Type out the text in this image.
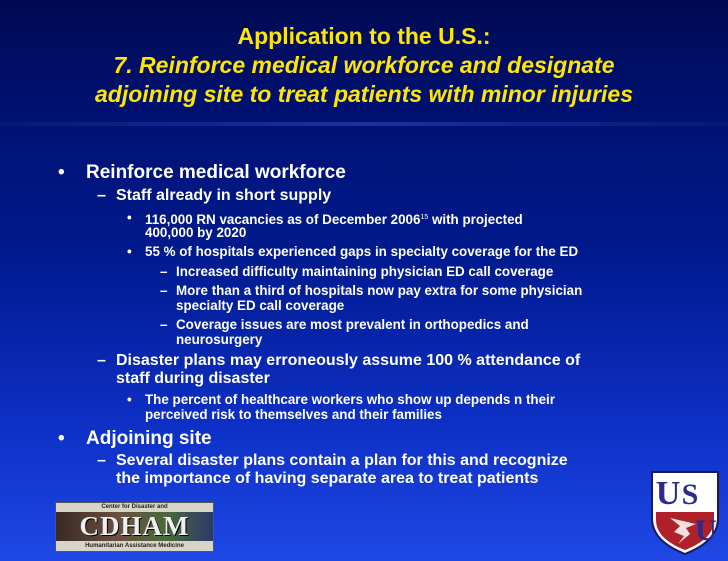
Application to the U.S.:
7. Reinforce medical workforce and designate
adjoining site to treat patients with minor injuries
• Reinforce medical workforce
– Staff already in short supply
• 116,000 RN vacancies as of December 2006$^{15}$ with projected
400,000 by 2020
• 55 % of hospitals experienced gaps in specialty coverage for the ED
– Increased difficulty maintaining physician ED call coverage
– More than a third of hospitals now pay extra for some physician
specialty ED call coverage
– Coverage issues are most prevalent in orthopedics and
neurosurgery
– Disaster plans may erroneously assume 100 % attendance of
staff during disaster
• The percent of healthcare workers who show up depends n their
perceived risk to themselves and their families
• Adjoining site
– Several disaster plans contain a plan for this and recognize
the importance of having separate area to treat patients
Center for Disaster and
CDHAM
Humanitarian Assistance Medicine
U S
U
